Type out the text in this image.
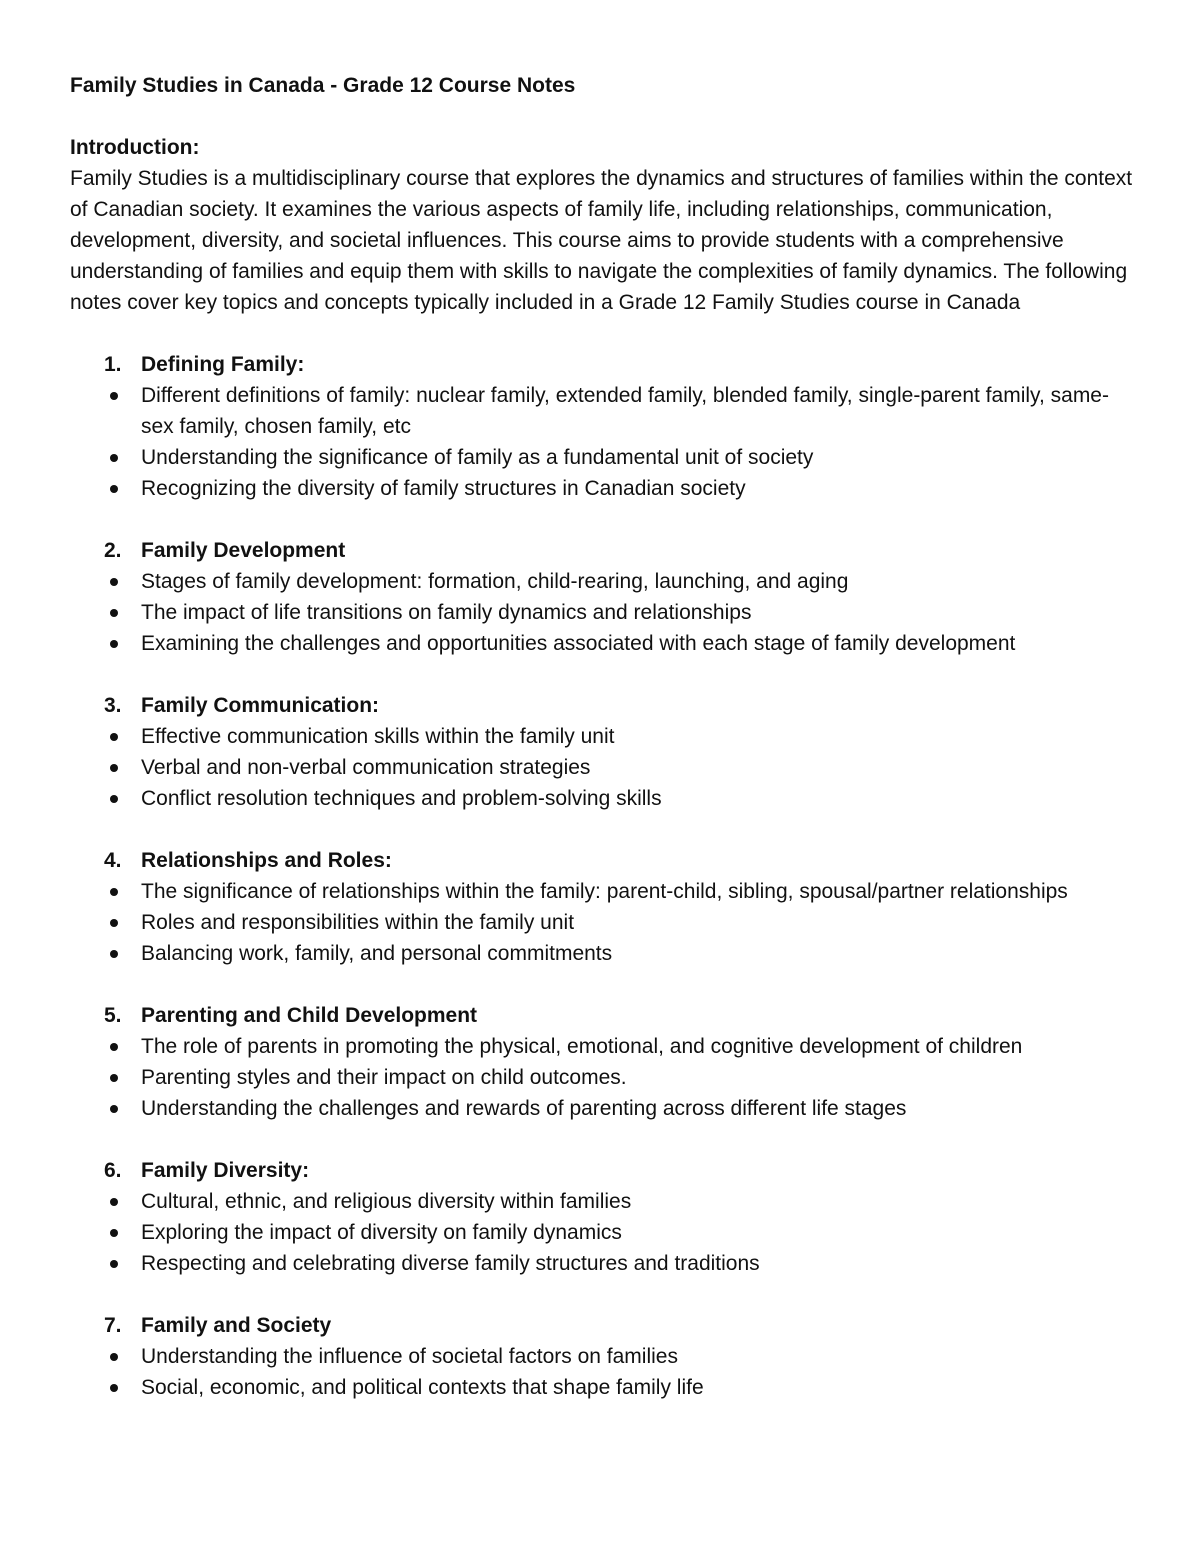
Family Studies in Canada - Grade 12 Course Notes

Introduction:

Family Studies is a multidisciplinary course that explores the dynamics and structures of families within the context of Canadian society. It examines the various aspects of family life, including relationships, communication, development, diversity, and societal influences. This course aims to provide students with a comprehensive understanding of families and equip them with skills to navigate the complexities of family dynamics. The following notes cover key topics and concepts typically included in a Grade 12 Family Studies course in Canada

1. Defining Family:

Different definitions of family: nuclear family, extended family, blended family, single-parent family, same-sex family, chosen family, etc
Understanding the significance of family as a fundamental unit of society
Recognizing the diversity of family structures in Canadian society

2. Family Development

Stages of family development: formation, child-rearing, launching, and aging
The impact of life transitions on family dynamics and relationships
Examining the challenges and opportunities associated with each stage of family development

3. Family Communication:

Effective communication skills within the family unit
Verbal and non-verbal communication strategies
Conflict resolution techniques and problem-solving skills

4. Relationships and Roles:

The significance of relationships within the family: parent-child, sibling, spousal/partner relationships
Roles and responsibilities within the family unit
Balancing work, family, and personal commitments

5. Parenting and Child Development

The role of parents in promoting the physical, emotional, and cognitive development of children
Parenting styles and their impact on child outcomes.
Understanding the challenges and rewards of parenting across different life stages

6. Family Diversity:

Cultural, ethnic, and religious diversity within families
Exploring the impact of diversity on family dynamics
Respecting and celebrating diverse family structures and traditions

7. Family and Society

Understanding the influence of societal factors on families
Social, economic, and political contexts that shape family life
